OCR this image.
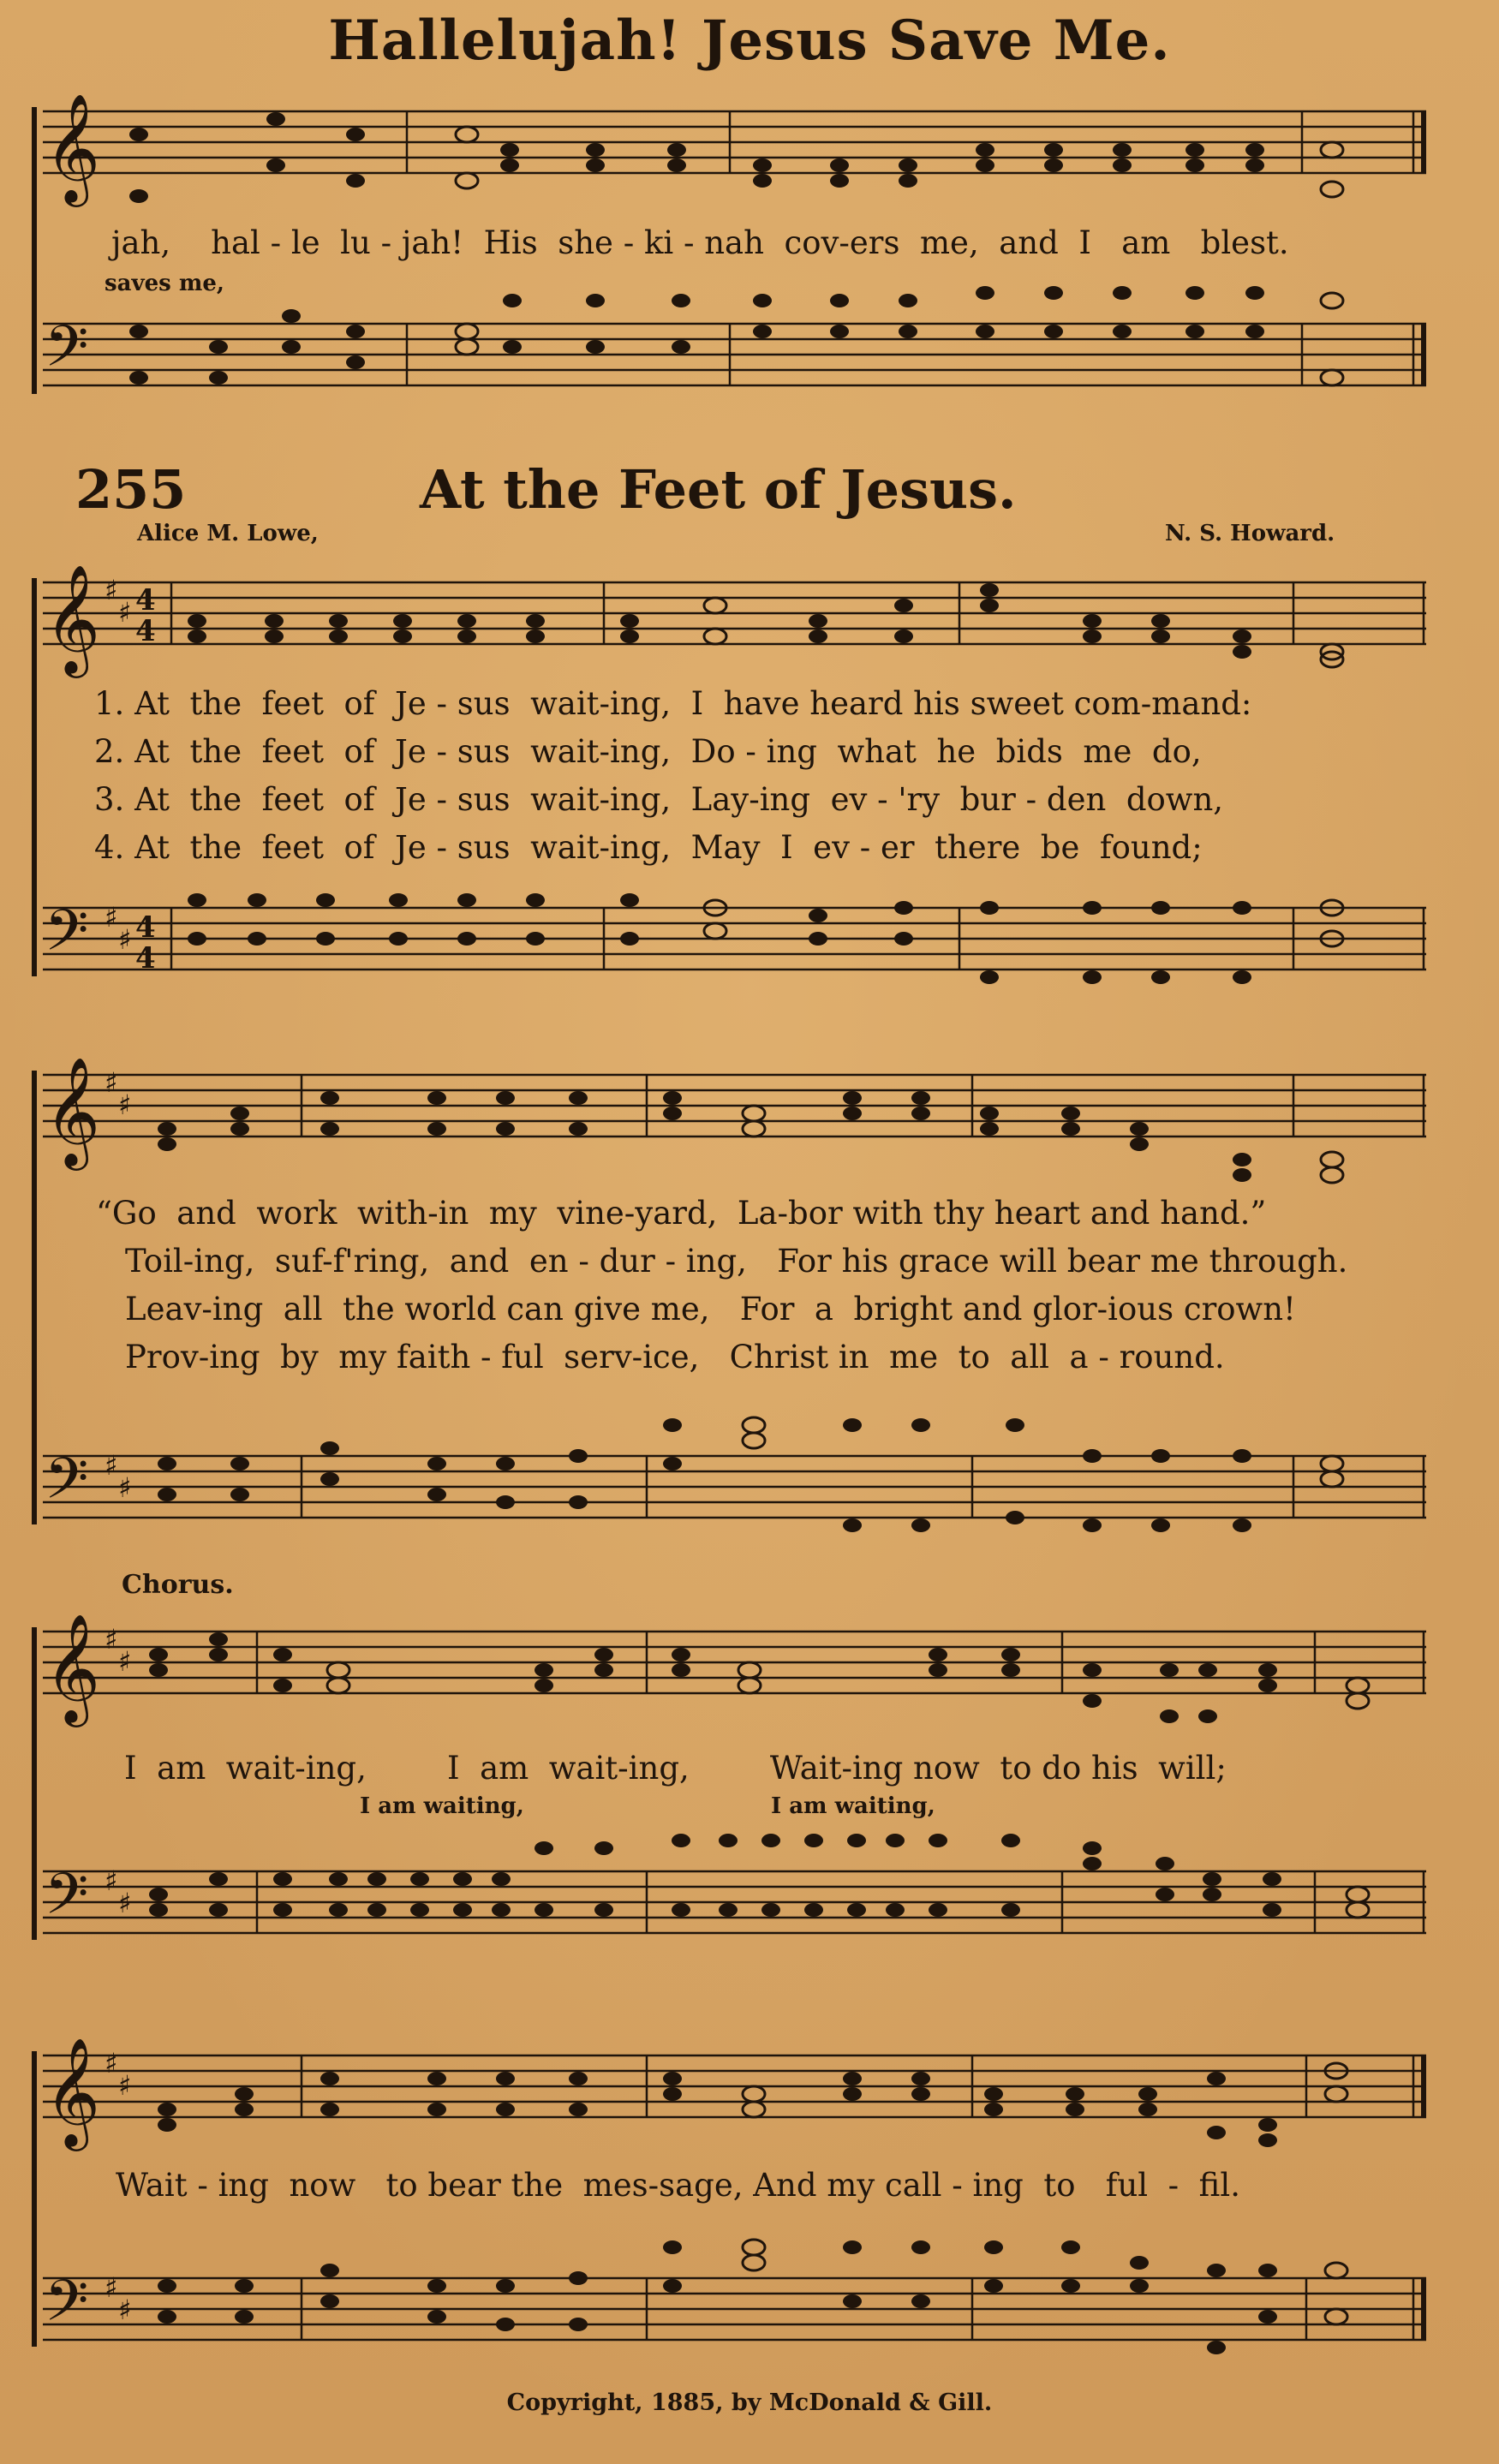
Hallelujah! Jesus Save Me.
𝄞
𝄢
jah,    hal - le  lu - jah!  His  she - ki - nah  cov-ers  me,  and  I   am   blest.
saves me,
255	At the Feet of Jesus.
Alice M. Lowe,	N. S. Howard.
𝄞
𝄢
𝄞
𝄢
𝄞
𝄢
𝄞
𝄢
♯
♯
♯
♯
♯
♯
♯
♯
♯
♯
♯
♯
♯
♯
♯
♯
4
4
4
4
1. At  the  feet  of  Je - sus  wait-ing,  I  have heard his sweet com-mand:
2. At  the  feet  of  Je - sus  wait-ing,  Do - ing  what  he  bids  me  do,
3. At  the  feet  of  Je - sus  wait-ing,  Lay-ing  ev - 'ry  bur - den  down,
4. At  the  feet  of  Je - sus  wait-ing,  May  I  ev - er  there  be  found;
“Go  and  work  with-in  my  vine-yard,  La-bor with thy heart and hand.”
Toil-ing,  suf-f'ring,  and  en - dur - ing,   For his grace will bear me through.
Leav-ing  all  the world can give me,   For  a  bright and glor-ious crown!
Prov-ing  by  my faith - ful  serv-ice,   Christ in  me  to  all  a - round.
Chorus.
I  am  wait-ing,        I  am  wait-ing,        Wait-ing now  to do his  will;
I am waiting,	I am waiting,
Wait - ing  now   to bear the  mes-sage, And my call - ing  to   ful  -  fil.
Copyright, 1885, by McDonald & Gill.
